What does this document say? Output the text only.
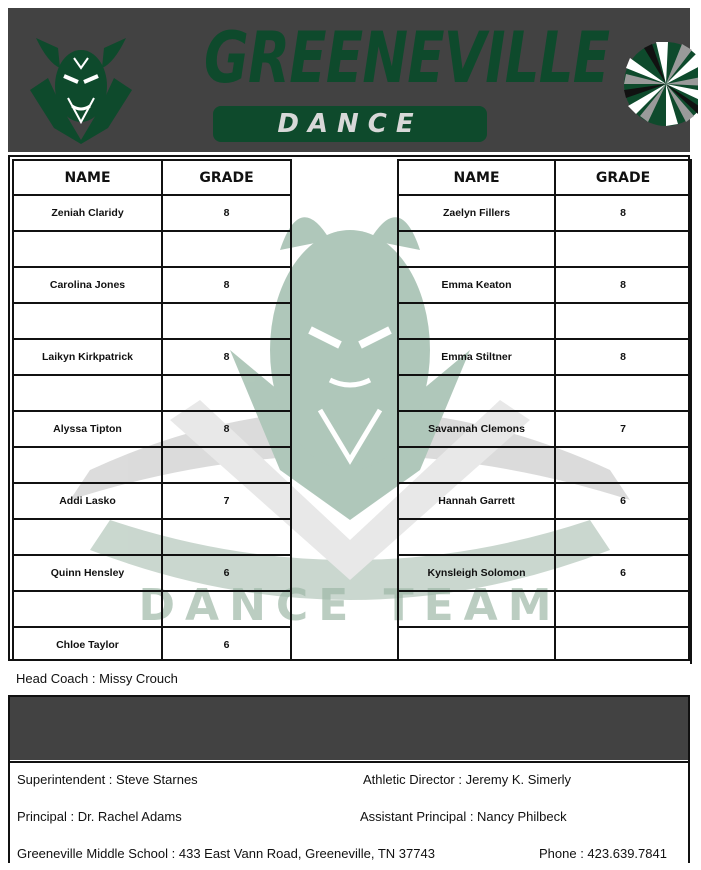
GREENEVILLE
DANCE
DANCE TEAM
NAME	GRADE	NAME	GRADE
Zeniah Claridy	8	Zaelyn Fillers	8
Carolina Jones	8	Emma Keaton	8
Laikyn Kirkpatrick	8	Emma Stiltner	8
Alyssa Tipton	8	Savannah Clemons	7
Addi Lasko	7	Hannah Garrett	6
Quinn Hensley	6	Kynsleigh Solomon	6
Chloe Taylor	6
Head Coach : Missy Crouch
Superintendent : Steve Starnes	Athletic Director : Jeremy K. Simerly
Principal : Dr. Rachel Adams	Assistant Principal : Nancy Philbeck
Greeneville Middle School : 433 East Vann Road, Greeneville, TN 37743	Phone : 423.639.7841
